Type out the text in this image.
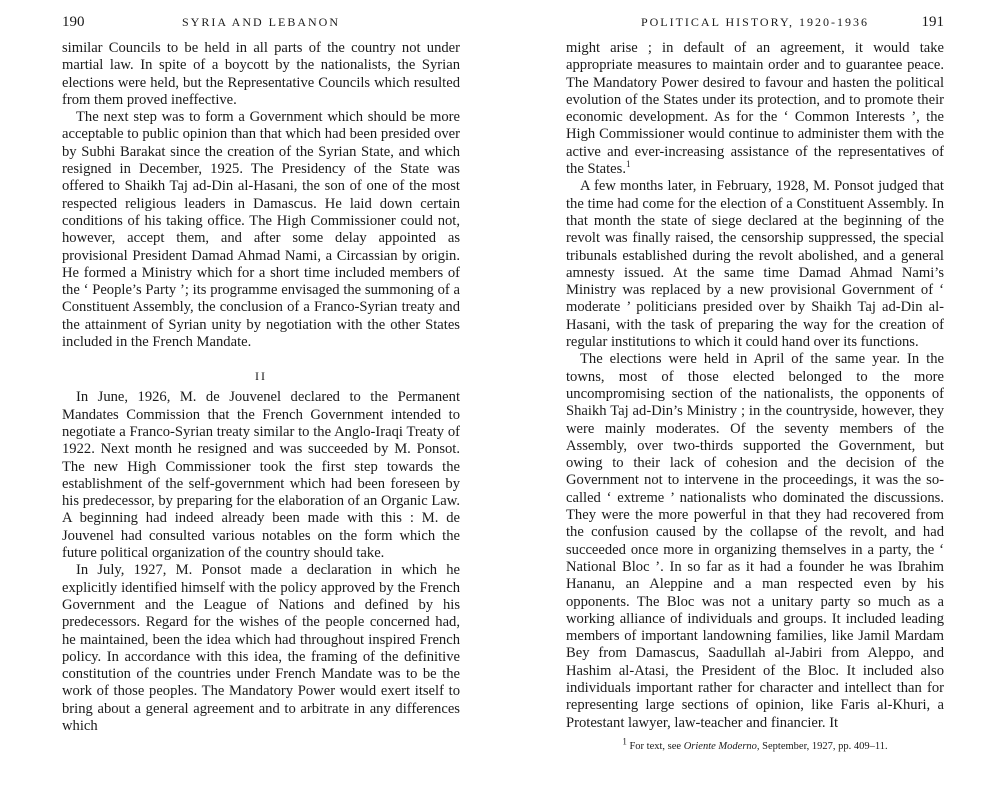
190	SYRIA AND LEBANON

similar Councils to be held in all parts of the country not under martial law. In spite of a boycott by the nationalists, the Syrian elections were held, but the Representative Councils which resulted from them proved ineffective.

The next step was to form a Government which should be more acceptable to public opinion than that which had been presided over by Subhi Barakat since the creation of the Syrian State, and which resigned in December, 1925. The Presidency of the State was offered to Shaikh Taj ad-Din al-Hasani, the son of one of the most respected religious leaders in Damascus. He laid down certain conditions of his taking office. The High Commissioner could not, however, accept them, and after some delay appointed as provisional President Damad Ahmad Nami, a Circassian by origin. He formed a Ministry which for a short time included members of the ‘ People’s Party ’; its programme envisaged the summoning of a Constituent Assembly, the conclusion of a Franco-Syrian treaty and the attainment of Syrian unity by negotiation with the other States included in the French Mandate.

II

In June, 1926, M. de Jouvenel declared to the Permanent Mandates Commission that the French Government intended to negotiate a Franco-Syrian treaty similar to the Anglo-Iraqi Treaty of 1922. Next month he resigned and was succeeded by M. Ponsot. The new High Commissioner took the first step towards the establishment of the self-government which had been foreseen by his predecessor, by preparing for the elaboration of an Organic Law. A beginning had indeed already been made with this : M. de Jouvenel had consulted various notables on the form which the future political organization of the country should take.

In July, 1927, M. Ponsot made a declaration in which he explicitly identified himself with the policy approved by the French Government and the League of Nations and defined by his predecessors. Regard for the wishes of the people concerned had, he maintained, been the idea which had throughout inspired French policy. In accordance with this idea, the framing of the definitive constitution of the countries under French Mandate was to be the work of those peoples. The Mandatory Power would exert itself to bring about a general agreement and to arbitrate in any differences which

POLITICAL HISTORY, 1920-1936	191

might arise ; in default of an agreement, it would take appropriate measures to maintain order and to guarantee peace. The Mandatory Power desired to favour and hasten the political evolution of the States under its protection, and to promote their economic development. As for the ‘ Common Interests ’, the High Commissioner would continue to administer them with the active and ever-increasing assistance of the representatives of the States.$^1$

A few months later, in February, 1928, M. Ponsot judged that the time had come for the election of a Constituent Assembly. In that month the state of siege declared at the beginning of the revolt was finally raised, the censorship suppressed, the special tribunals established during the revolt abolished, and a general amnesty issued. At the same time Damad Ahmad Nami’s Ministry was replaced by a new provisional Government of ‘ moderate ’ politicians presided over by Shaikh Taj ad-Din al-Hasani, with the task of preparing the way for the creation of regular institutions to which it could hand over its functions.

The elections were held in April of the same year. In the towns, most of those elected belonged to the more uncompromising section of the nationalists, the opponents of Shaikh Taj ad-Din’s Ministry ; in the countryside, however, they were mainly moderates. Of the seventy members of the Assembly, over two-thirds supported the Government, but owing to their lack of cohesion and the decision of the Government not to intervene in the proceedings, it was the so-called ‘ extreme ’ nationalists who dominated the discussions. They were the more powerful in that they had recovered from the confusion caused by the collapse of the revolt, and had succeeded once more in organizing themselves in a party, the ‘ National Bloc ’. In so far as it had a founder he was Ibrahim Hananu, an Aleppine and a man respected even by his opponents. The Bloc was not a unitary party so much as a working alliance of individuals and groups. It included leading members of important landowning families, like Jamil Mardam Bey from Damascus, Saadullah al-Jabiri from Aleppo, and Hashim al-Atasi, the President of the Bloc. It included also individuals important rather for character and intellect than for representing large sections of opinion, like Faris al-Khuri, a Protestant lawyer, law-teacher and financier. It

$^1$ For text, see Oriente Moderno, September, 1927, pp. 409–11.
